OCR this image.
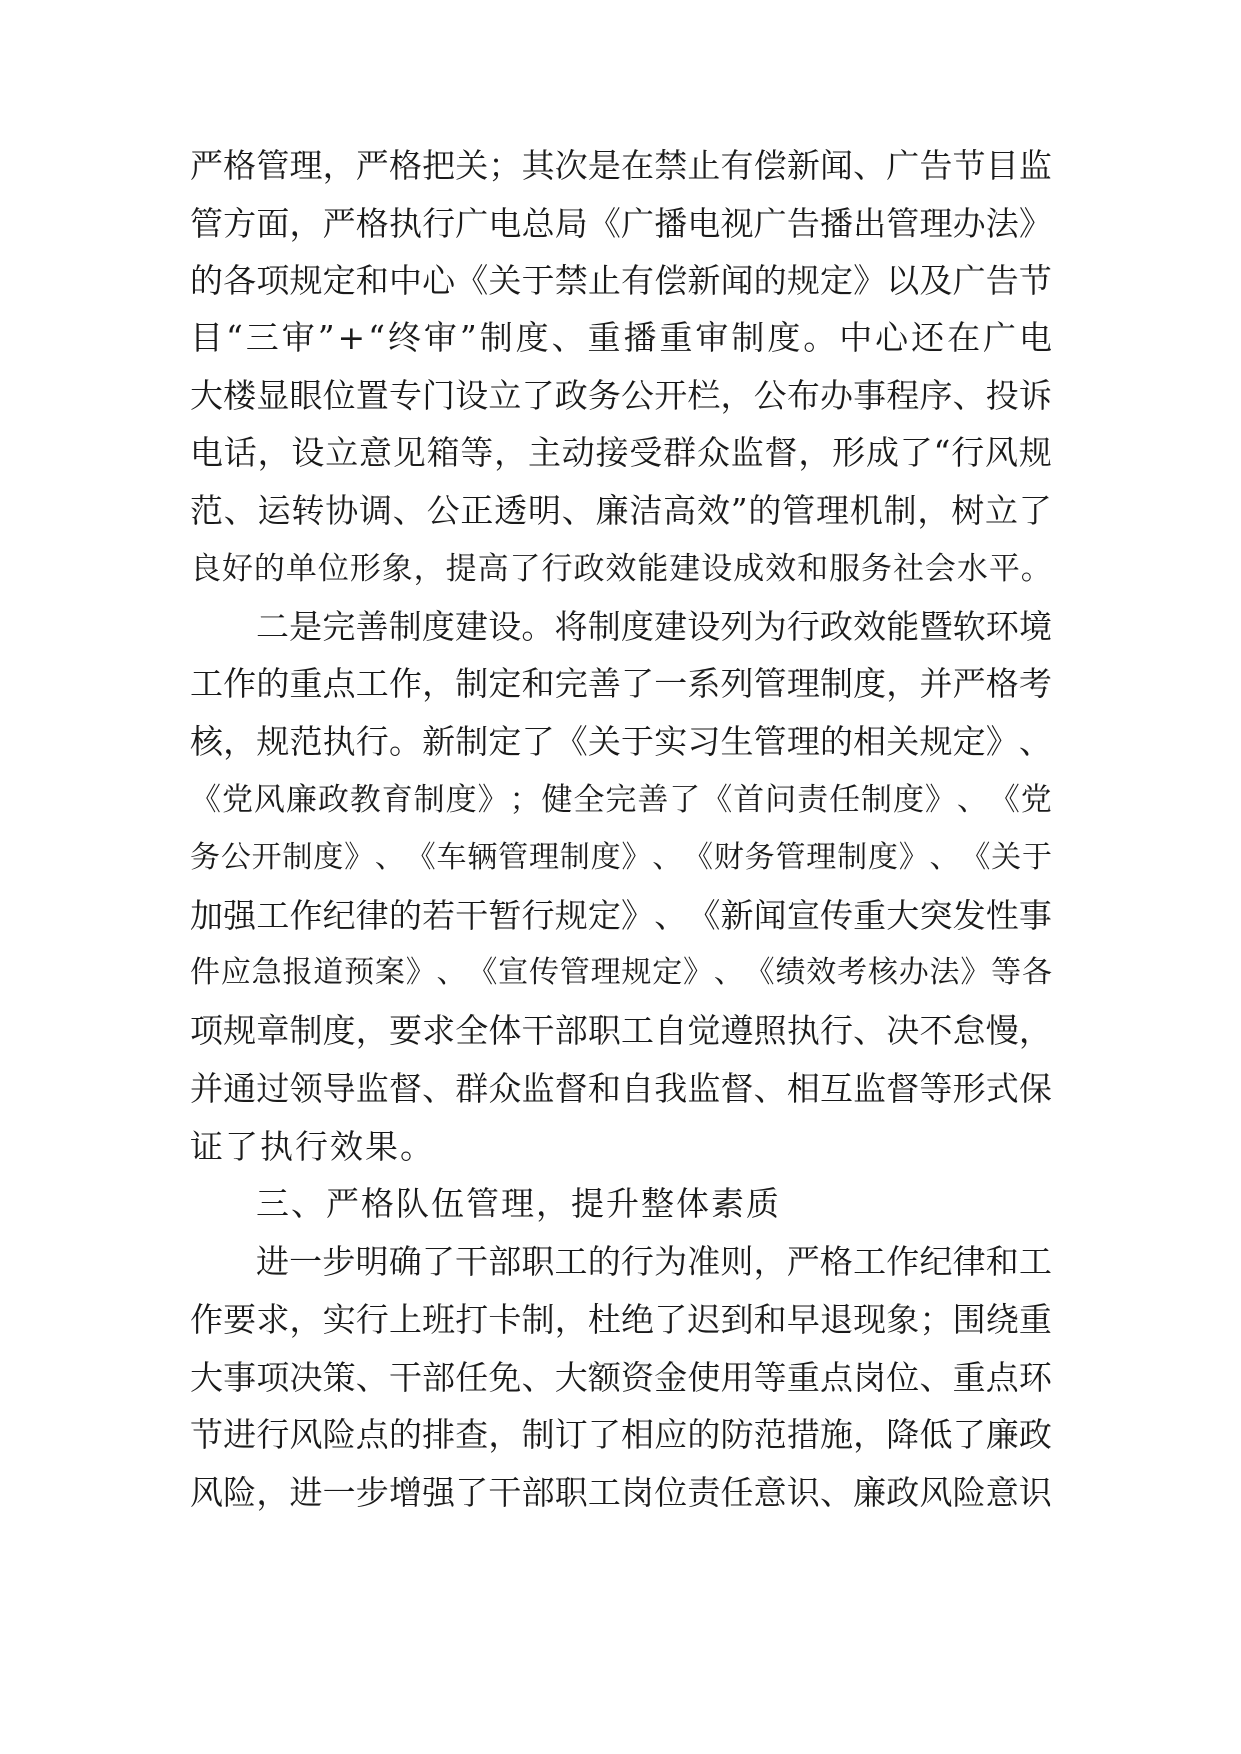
严 格 管 理 ， 严 格 把 关 ； 其 次 是 在 禁 止 有 偿 新 闻 、 广 告 节 目 监
管 方 面 ， 严 格 执 行 广 电 总 局 《 广 播 电 视 广 告 播 出 管 理 办 法 》
的 各 项 规 定 和 中 心 《 关 于 禁 止 有 偿 新 闻 的 规 定 》 以 及 广 告 节
目 “ 三 审 ” + “ 终 审 ” 制 度 、 重 播 重 审 制 度 。 中 心 还 在 广 电
大 楼 显 眼 位 置 专 门 设 立 了 政 务 公 开 栏 ， 公 布 办 事 程 序 、 投 诉
电 话 ， 设 立 意 见 箱 等 ， 主 动 接 受 群 众 监 督 ， 形 成 了 “ 行 风 规
范 、 运 转 协 调 、 公 正 透 明 、 廉 洁 高 效 ” 的 管 理 机 制 ， 树 立 了
良 好 的 单 位 形 象 ， 提 高 了 行 政 效 能 建 设 成 效 和 服 务 社 会 水 平 。
二 是 完 善 制 度 建 设 。 将 制 度 建 设 列 为 行 政 效 能 暨 软 环 境
工 作 的 重 点 工 作 ， 制 定 和 完 善 了 一 系 列 管 理 制 度 ， 并 严 格 考
核 ， 规 范 执 行 。 新 制 定 了 《 关 于 实 习 生 管 理 的 相 关 规 定 》 、
《 党 风 廉 政 教 育 制 度 》 ； 健 全 完 善 了 《 首 问 责 任 制 度 》 、 《 党
务 公 开 制 度 》 、 《 车 辆 管 理 制 度 》 、 《 财 务 管 理 制 度 》 、 《 关 于
加 强 工 作 纪 律 的 若 干 暂 行 规 定 》 、 《 新 闻 宣 传 重 大 突 发 性 事
件 应 急 报 道 预 案 》 、 《 宣 传 管 理 规 定 》 、 《 绩 效 考 核 办 法 》 等 各
项 规 章 制 度 ， 要 求 全 体 干 部 职 工 自 觉 遵 照 执 行 、 决 不 怠 慢 ，
并 通 过 领 导 监 督 、 群 众 监 督 和 自 我 监 督 、 相 互 监 督 等 形 式 保
证了执行效果。
三、严格队伍管理，提升整体素质
进 一 步 明 确 了 干 部 职 工 的 行 为 准 则 ， 严 格 工 作 纪 律 和 工
作 要 求 ， 实 行 上 班 打 卡 制 ， 杜 绝 了 迟 到 和 早 退 现 象 ； 围 绕 重
大 事 项 决 策 、 干 部 任 免 、 大 额 资 金 使 用 等 重 点 岗 位 、 重 点 环
节 进 行 风 险 点 的 排 查 ， 制 订 了 相 应 的 防 范 措 施 ， 降 低 了 廉 政
风 险 ， 进 一 步 增 强 了 干 部 职 工 岗 位 责 任 意 识 、 廉 政 风 险 意 识
